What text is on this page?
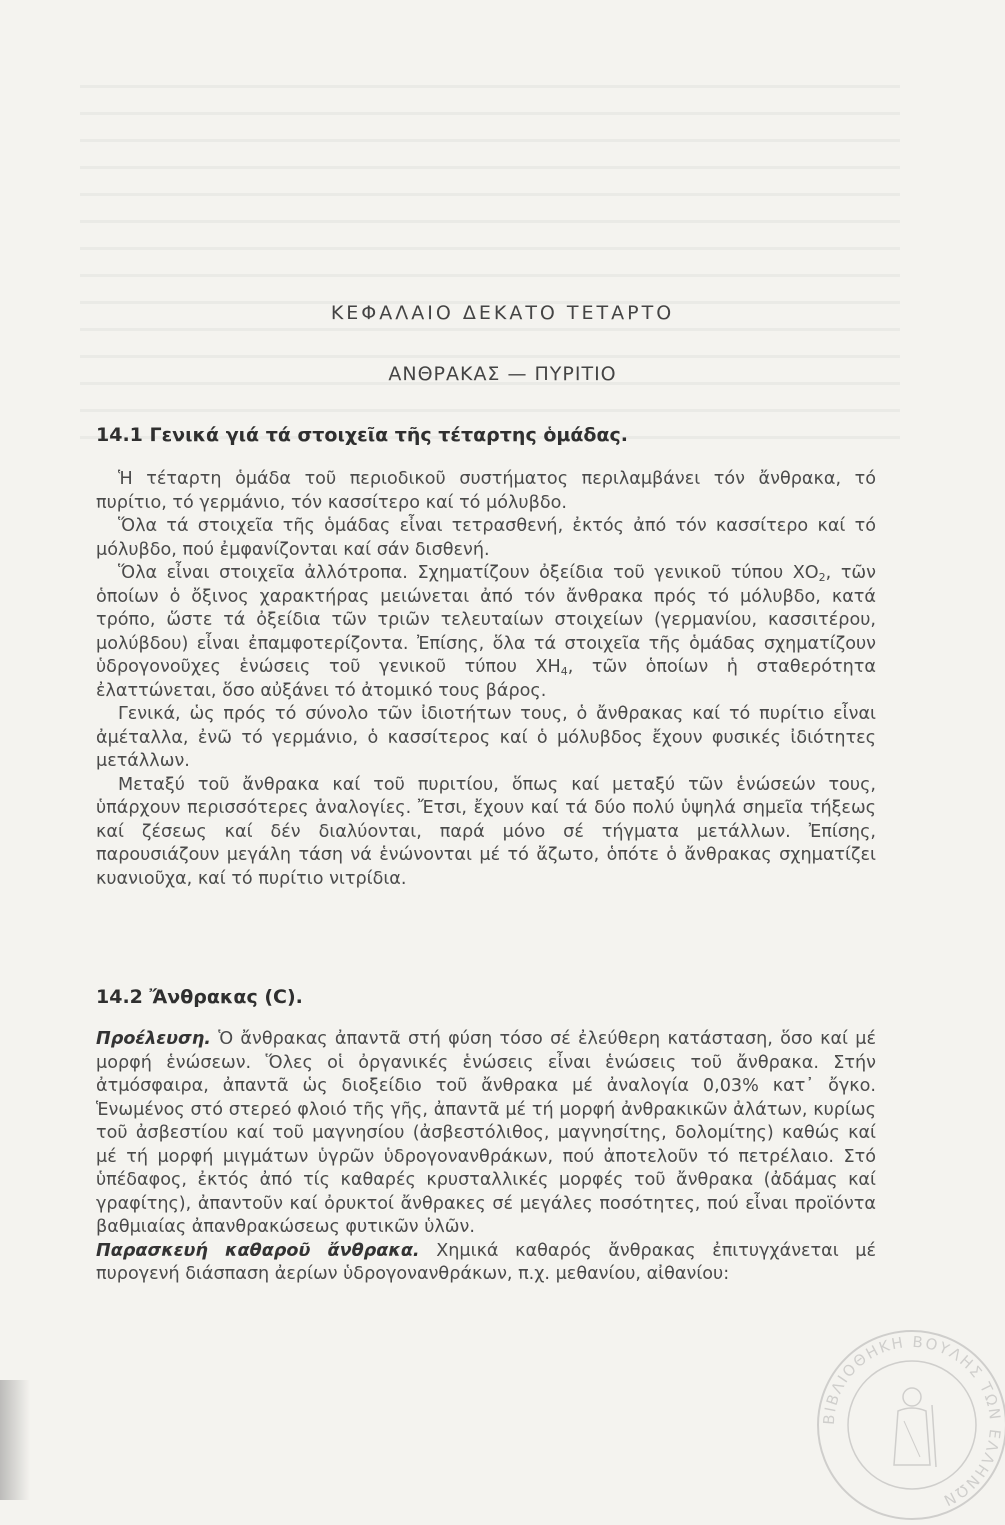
ΚΕΦΑΛΑΙΟ ΔΕΚΑΤΟ ΤΕΤΑΡΤΟ
ΑΝΘΡΑΚΑΣ — ΠΥΡΙΤΙΟ
14.1 Γενικά γιά τά στοιχεῖα τῆς τέταρτης ὁμάδας.

Ἡ τέταρτη ὁμάδα τοῦ περιοδικοῦ συστήματος περιλαμβάνει τόν ἄνθρακα, τό πυρίτιο, τό γερμάνιο, τόν κασσίτερο καί τό μόλυβδο.

Ὅλα τά στοιχεῖα τῆς ὁμάδας εἶναι τετρασθενή, ἐκτός ἀπό τόν κασσίτερο καί τό μόλυβδο, πού ἐμφανίζονται καί σάν δισθενή.

Ὅλα εἶναι στοιχεῖα ἀλλότροπα. Σχηματίζουν ὀξείδια τοῦ γενικοῦ τύπου $XO_2$, τῶν ὁποίων ὁ ὄξινος χαρακτήρας μειώνεται ἀπό τόν ἄνθρακα πρός τό μόλυβδο, κατά τρόπο, ὥστε τά ὀξείδια τῶν τριῶν τελευταίων στοιχείων (γερμανίου, κασσιτέρου, μολύβδου) εἶναι ἐπαμφοτερίζοντα. Ἐπίσης, ὅλα τά στοιχεῖα τῆς ὁμάδας σχηματίζουν ὑδρογονοῦχες ἑνώσεις τοῦ γενικοῦ τύπου $XH_4$, τῶν ὁποίων ἡ σταθερότητα ἐλαττώνεται, ὅσο αὐξάνει τό ἀτομικό τους βάρος.

Γενικά, ὡς πρός τό σύνολο τῶν ἰδιοτήτων τους, ὁ ἄνθρακας καί τό πυρίτιο εἶναι ἀμέταλλα, ἐνῶ τό γερμάνιο, ὁ κασσίτερος καί ὁ μόλυβδος ἔχουν φυσικές ἰδιότητες μετάλλων.

Μεταξύ τοῦ ἄνθρακα καί τοῦ πυριτίου, ὅπως καί μεταξύ τῶν ἑνώσεών τους, ὑπάρχουν περισσότερες ἀναλογίες. Ἔτσι, ἔχουν καί τά δύο πολύ ὑψηλά σημεῖα τήξεως καί ζέσεως καί δέν διαλύονται, παρά μόνο σέ τήγματα μετάλλων. Ἐπίσης, παρουσιάζουν μεγάλη τάση νά ἑνώνονται μέ τό ἄζωτο, ὁπότε ὁ ἄνθρακας σχηματίζει κυανιοῦχα, καί τό πυρίτιο νιτρίδια.

14.2 Ἄνθρακας (C).

Προέλευση. Ὁ ἄνθρακας ἀπαντᾶ στή φύση τόσο σέ ἐλεύθερη κατάσταση, ὅσο καί μέ μορφή ἑνώσεων. Ὅλες οἱ ὀργανικές ἑνώσεις εἶναι ἑνώσεις τοῦ ἄνθρακα. Στήν ἀτμόσφαιρα, ἀπαντᾶ ὡς διοξείδιο τοῦ ἄνθρακα μέ ἀναλογία 0,03% κατ᾽ ὄγκο. Ἑνωμένος στό στερεό φλοιό τῆς γῆς, ἀπαντᾶ μέ τή μορφή ἀνθρακικῶν ἀλάτων, κυρίως τοῦ ἀσβεστίου καί τοῦ μαγνησίου (ἀσβεστόλιθος, μαγνησίτης, δολομίτης) καθώς καί μέ τή μορφή μιγμάτων ὑγρῶν ὑδρογονανθράκων, πού ἀποτελοῦν τό πετρέλαιο. Στό ὑπέδαφος, ἐκτός ἀπό τίς καθαρές κρυσταλλικές μορφές τοῦ ἄνθρακα (ἀδάμας καί γραφίτης), ἀπαντοῦν καί ὀρυκτοί ἄνθρακες σέ μεγάλες ποσότητες, πού εἶναι προϊόντα βαθμιαίας ἀπανθρακώσεως φυτικῶν ὑλῶν.

Παρασκευή καθαροῦ ἄνθρακα. Χημικά καθαρός ἄνθρακας ἐπιτυγχάνεται μέ πυρογενή διάσπαση ἀερίων ὑδρογονανθράκων, π.χ. μεθανίου, αἰθανίου:

ΒΙΒΛΙΟΘΗΚΗ ΒΟΥΛΗΣ ΤΩΝ ΕΛΛΗΝΩΝ
